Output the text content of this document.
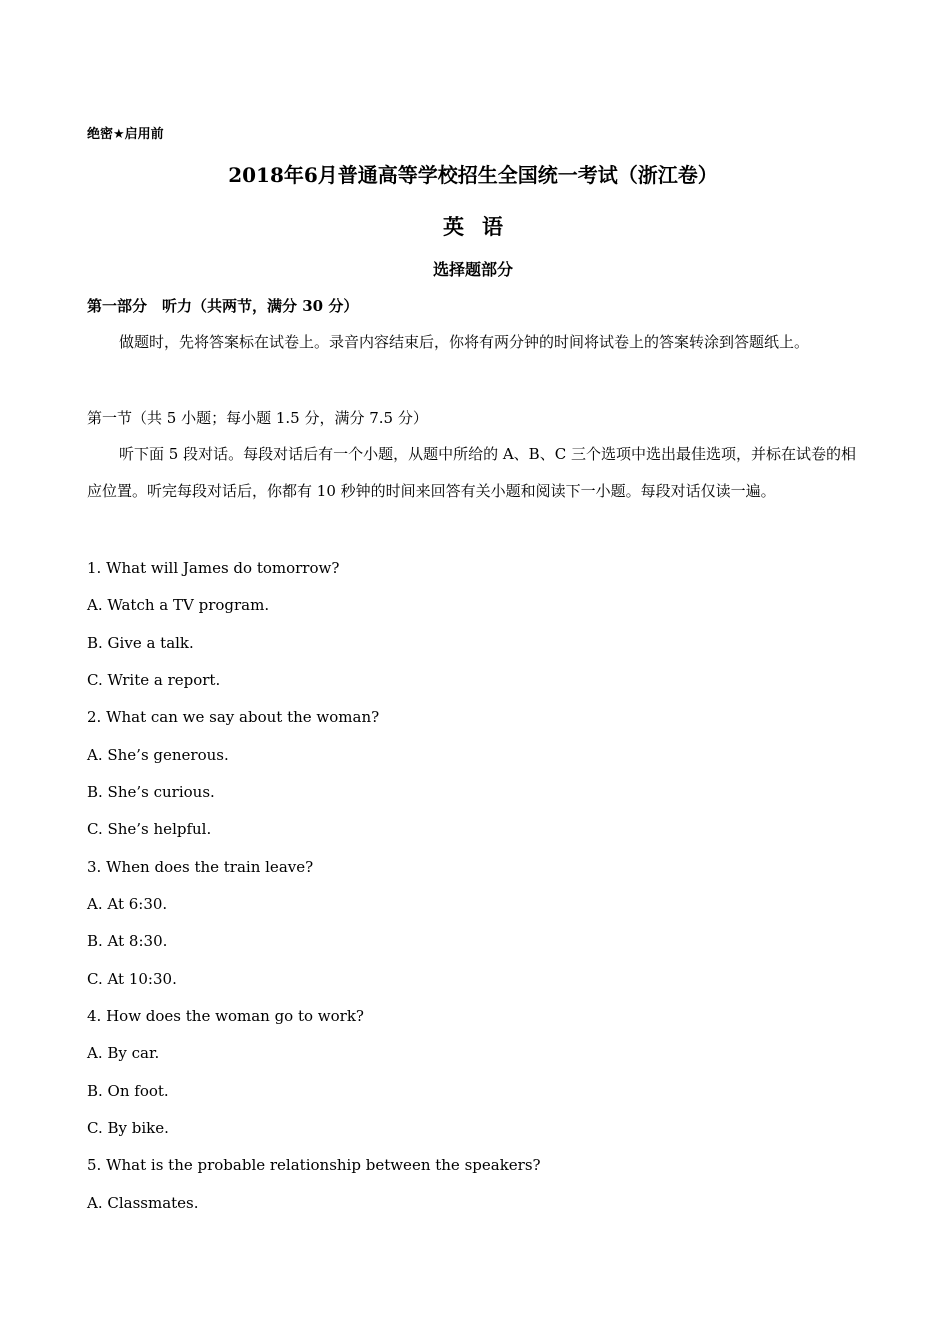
绝密★启用前
2018年6月普通高等学校招生全国统一考试（浙江卷）
英语
选择题部分
第一部分　听力（共两节，满分 30 分）
做题时，先将答案标在试卷上。录音内容结束后，你将有两分钟的时间将试卷上的答案转涂到答题纸上。
第一节（共 5 小题；每小题 1.5 分，满分 7.5 分）
听下面 5 段对话。每段对话后有一个小题，从题中所给的 A、B、C 三个选项中选出最佳选项，并标在试卷的相应位置。听完每段对话后，你都有 10 秒钟的时间来回答有关小题和阅读下一小题。每段对话仅读一遍。
1. What will James do tomorrow?
A. Watch a TV program.
B. Give a talk.
C. Write a report.
2. What can we say about the woman?
A. She’s generous.
B. She’s curious.
C. She’s helpful.
3. When does the train leave?
A. At 6:30.
B. At 8:30.
C. At 10:30.
4. How does the woman go to work?
A. By car.
B. On foot.
C. By bike.
5. What is the probable relationship between the speakers?
A. Classmates.
